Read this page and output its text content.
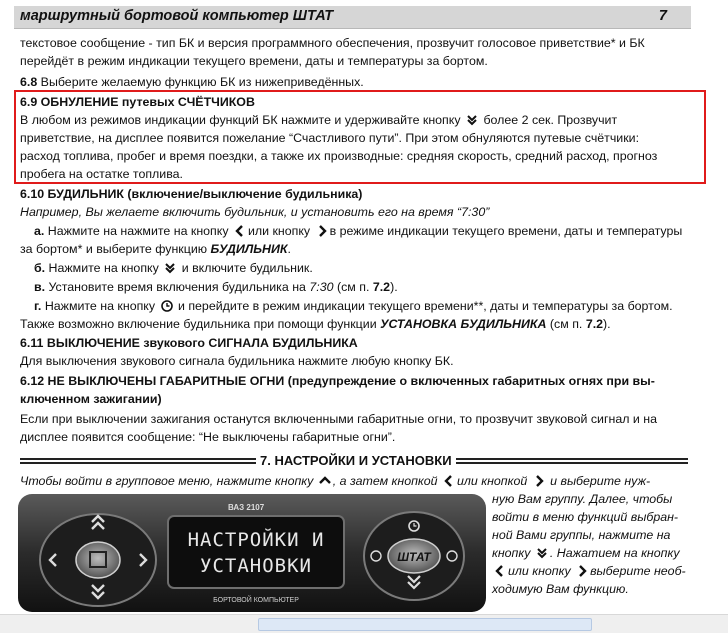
маршрутный бортовой компьютер ШТАТ	7
текстовое сообщение - тип БК и версия программного обеспечения, прозвучит голосовое приветствие* и БК
перейдёт в режим индикации текущего времени, даты и температуры за бортом.
6.8 Выберите желаемую функцию БК из нижеприведённых.
6.9 ОБНУЛЕНИЕ путевых СЧЁТЧИКОВ
В любом из режимов индикации функций БК нажмите и удерживайте кнопку более 2 сек. Прозвучит
приветствие, на дисплее появится пожелание “Счастливого пути”. При этом обнуляются путевые счётчики:
расход топлива, пробег и время поездки, а также их производные: средняя скорость, средний расход, прогноз
пробега на остатке топлива.
6.10 БУДИЛЬНИК (включение/выключение будильника)
Например, Вы желаете включить будильник, и установить его на время “7:30”
а. Нажмите на нажмите на кнопку или кнопку в режиме индикации текущего времени, даты и температуры
за бортом* и выберите функцию БУДИЛЬНИК.
б. Нажмите на кнопку и включите будильник.
в. Установите время включения будильника на 7:30 (см п. 7.2).
г. Нажмите на кнопку и перейдите в режим индикации текущего времени**, даты и температуры за бортом.
Также возможно включение будильника при помощи функции УСТАНОВКА БУДИЛЬНИКА (см п. 7.2).
6.11 ВЫКЛЮЧЕНИЕ звукового СИГНАЛА БУДИЛЬНИКА
Для выключения звукового сигнала будильника нажмите любую кнопку БК.
6.12 НЕ ВЫКЛЮЧЕНЫ ГАБАРИТНЫЕ ОГНИ (предупреждение о включенных габаритных огнях при вы-
ключенном зажигании)
Если при выключении зажигания останутся включенными габаритные огни, то прозвучит звуковой сигнал и на
дисплее появится сообщение: “Не выключены габаритные огни”.
7. НАСТРОЙКИ И УСТАНОВКИ
Чтобы войти в групповое меню, нажмите кнопку , а затем кнопкой или кнопкой и выберите нуж-
ную Вам группу. Далее, чтобы
войти в меню функций выбран-
ной Вами группы, нажмите на
кнопку . Нажатием на кнопку
или кнопку выберите необ-
ходимую Вам функцию.
ВАЗ 2107
НАСТРОЙКИ И
УСТАНОВКИ
БОРТОВОЙ КОМПЬЮТЕР
ШТАТ
